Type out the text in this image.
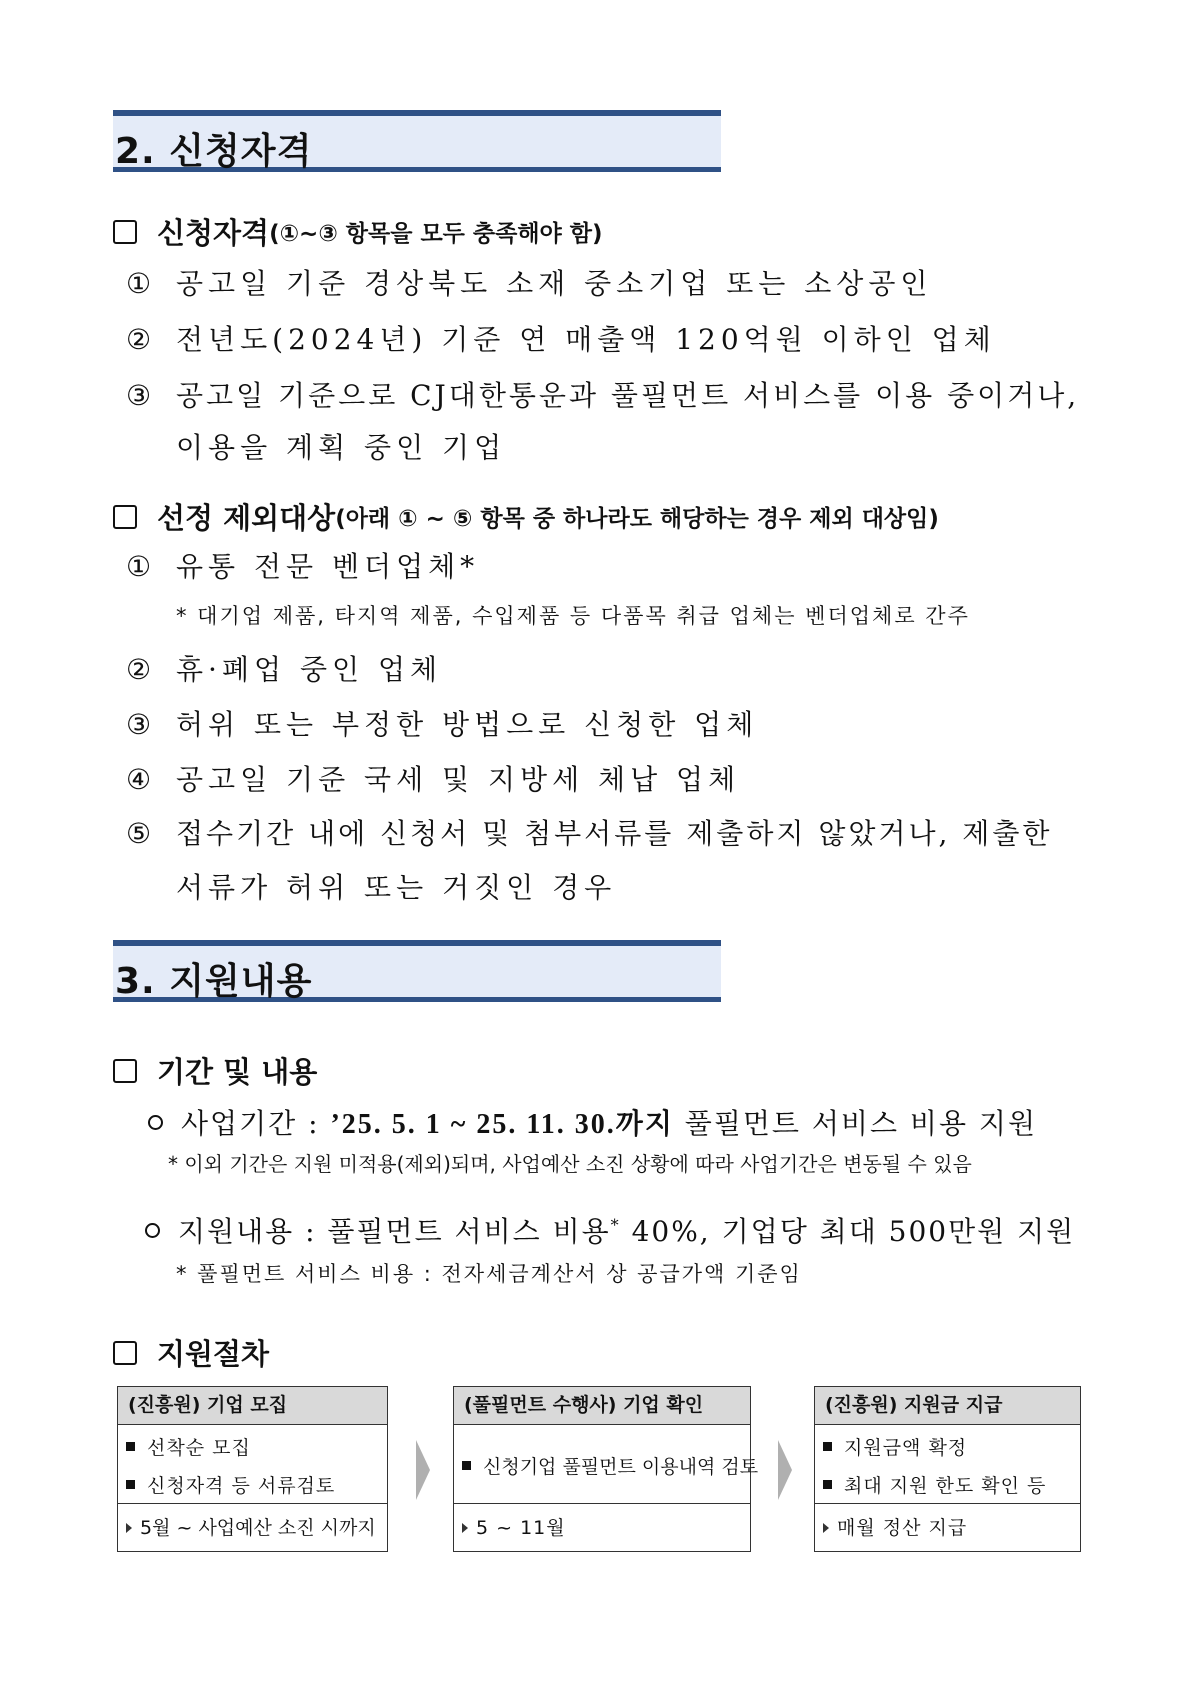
2. 신청자격
신청자격 (①~③ 항목을 모두 충족해야 함)
① 공고일 기준 경상북도 소재 중소기업 또는 소상공인
② 전년도(2024년) 기준 연 매출액 120억원 이하인 업체
③ 공고일 기준으로 CJ대한통운과 풀필먼트 서비스를 이용 중이거나,
이용을 계획 중인 기업
선정 제외대상 (아래 ① ~ ⑤ 항목 중 하나라도 해당하는 경우 제외 대상임)
① 유통 전문 벤더업체*
* 대기업 제품, 타지역 제품, 수입제품 등 다품목 취급 업체는 벤더업체로 간주
② 휴·폐업 중인 업체
③ 허위 또는 부정한 방법으로 신청한 업체
④ 공고일 기준 국세 및 지방세 체납 업체
⑤ 접수기간 내에 신청서 및 첨부서류를 제출하지 않았거나, 제출한
서류가 허위 또는 거짓인 경우
3. 지원내용
기간 및 내용
사업기간 : ’25. 5. 1 ~ 25. 11. 30.까지 풀필먼트 서비스 비용 지원
* 이외 기간은 지원 미적용(제외)되며, 사업예산 소진 상황에 따라 사업기간은 변동될 수 있음
지원내용 : 풀필먼트 서비스 비용* 40%, 기업당 최대 500만원 지원
* 풀필먼트 서비스 비용 : 전자세금계산서 상 공급가액 기준임
지원절차
(진흥원) 기업 모집
선착순 모집
신청자격 등 서류검토
5월 ~ 사업예산 소진 시까지
(풀필먼트 수행사) 기업 확인
신청기업 풀필먼트 이용내역 검토
5 ~ 11월
(진흥원) 지원금 지급
지원금액 확정
최대 지원 한도 확인 등
매월 정산 지급
